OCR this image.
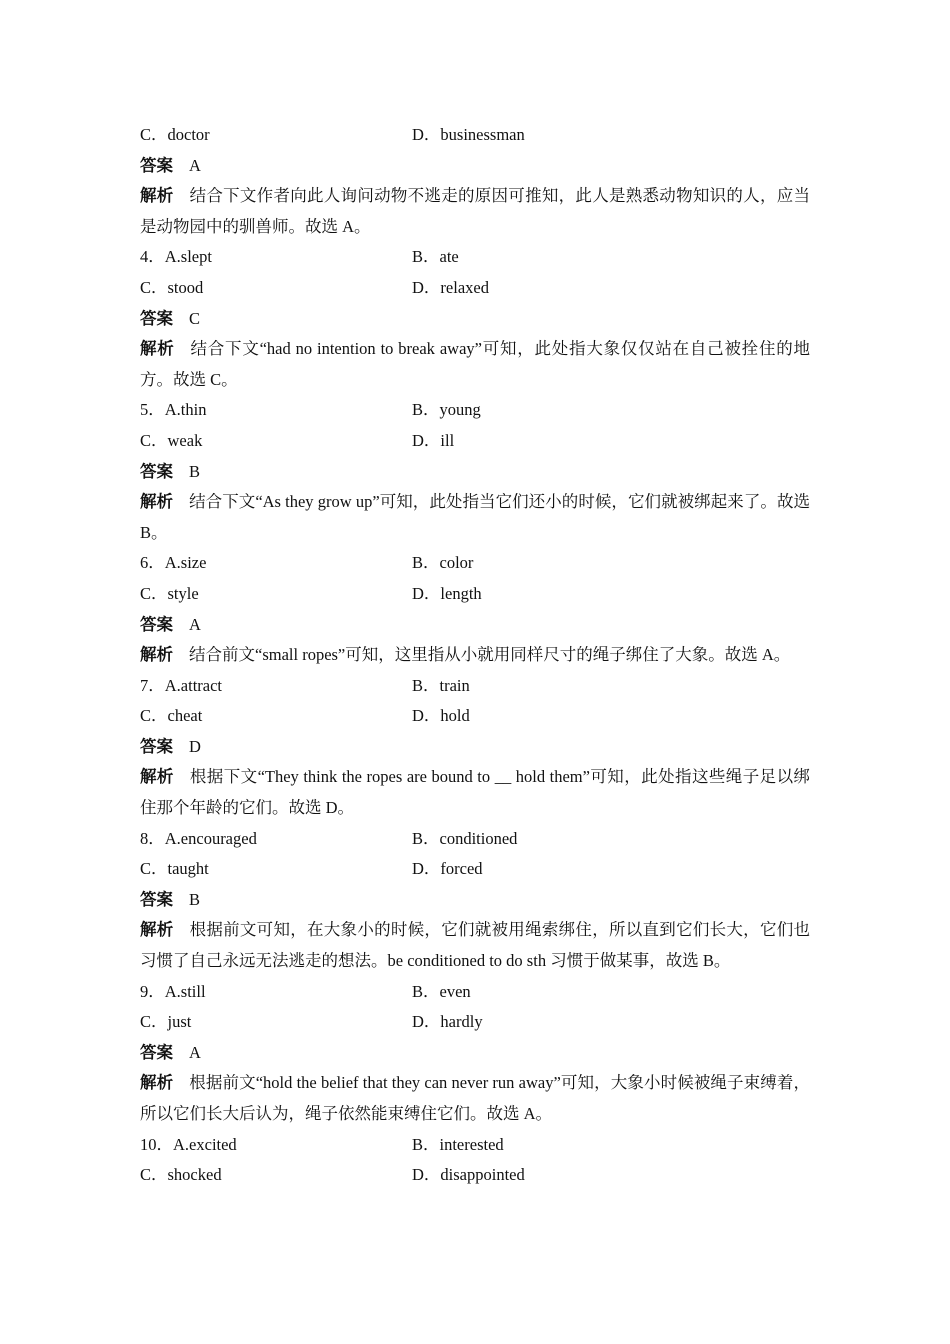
C．doctor	D．businessman
答案 A
解析 结合下文作者向此人询问动物不逃走的原因可推知，此人是熟悉动物知识的人，应当是动物园中的驯兽师。故选 A。
4．A.slept	B．ate
C．stood	D．relaxed
答案 C
解析 结合下文“had no intention to break away”可知，此处指大象仅仅站在自己被拴住的地方。故选 C。
5．A.thin	B．young
C．weak	D．ill
答案 B
解析 结合下文“As they grow up”可知，此处指当它们还小的时候，它们就被绑起来了。故选 B。
6．A.size	B．color
C．style	D．length
答案 A
解析 结合前文“small ropes”可知，这里指从小就用同样尺寸的绳子绑住了大象。故选 A。
7．A.attract	B．train
C．cheat	D．hold
答案 D
解析 根据下文“They think the ropes are bound to __ hold them”可知，此处指这些绳子足以绑住那个年龄的它们。故选 D。
8．A.encouraged	B．conditioned
C．taught	D．forced
答案 B
解析 根据前文可知，在大象小的时候，它们就被用绳索绑住，所以直到它们长大，它们也习惯了自己永远无法逃走的想法。be conditioned to do sth 习惯于做某事，故选 B。
9．A.still	B．even
C．just	D．hardly
答案 A
解析 根据前文“hold the belief that they can never run away”可知，大象小时候被绳子束缚着，所以它们长大后认为，绳子依然能束缚住它们。故选 A。
10．A.excited	B．interested
C．shocked	D．disappointed
